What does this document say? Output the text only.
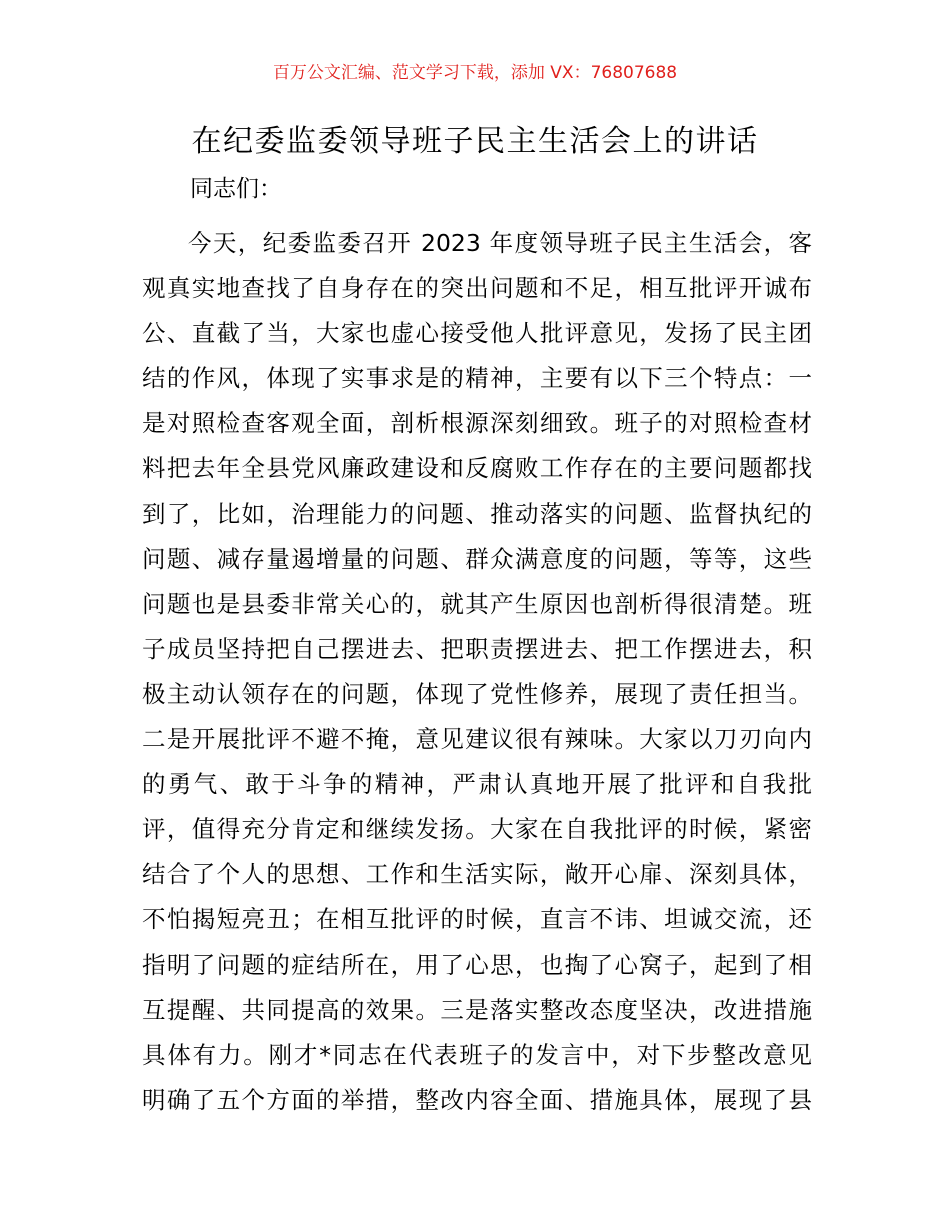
百万公文汇编、范文学习下载，添加 VX：76807688
在纪委监委领导班子民主生活会上的讲话
同志们：
今天，纪委监委召开 2023 年度领导班子民主生活会，客
观真实地查找了自身存在的突出问题和不足，相互批评开诚布
公、直截了当，大家也虚心接受他人批评意见，发扬了民主团
结的作风，体现了实事求是的精神，主要有以下三个特点：一
是对照检查客观全面，剖析根源深刻细致。班子的对照检查材
料把去年全县党风廉政建设和反腐败工作存在的主要问题都找
到了，比如，治理能力的问题、推动落实的问题、监督执纪的
问题、减存量遏增量的问题、群众满意度的问题，等等，这些
问题也是县委非常关心的，就其产生原因也剖析得很清楚。班
子成员坚持把自己摆进去、把职责摆进去、把工作摆进去，积
极主动认领存在的问题，体现了党性修养，展现了责任担当。
二是开展批评不避不掩，意见建议很有辣味。大家以刀刃向内
的勇气、敢于斗争的精神，严肃认真地开展了批评和自我批
评，值得充分肯定和继续发扬。大家在自我批评的时候，紧密
结合了个人的思想、工作和生活实际，敞开心扉、深刻具体，
不怕揭短亮丑；在相互批评的时候，直言不讳、坦诚交流，还
指明了问题的症结所在，用了心思，也掏了心窝子，起到了相
互提醒、共同提高的效果。三是落实整改态度坚决，改进措施
具体有力。刚才*同志在代表班子的发言中，对下步整改意见
明确了五个方面的举措，整改内容全面、措施具体，展现了县
